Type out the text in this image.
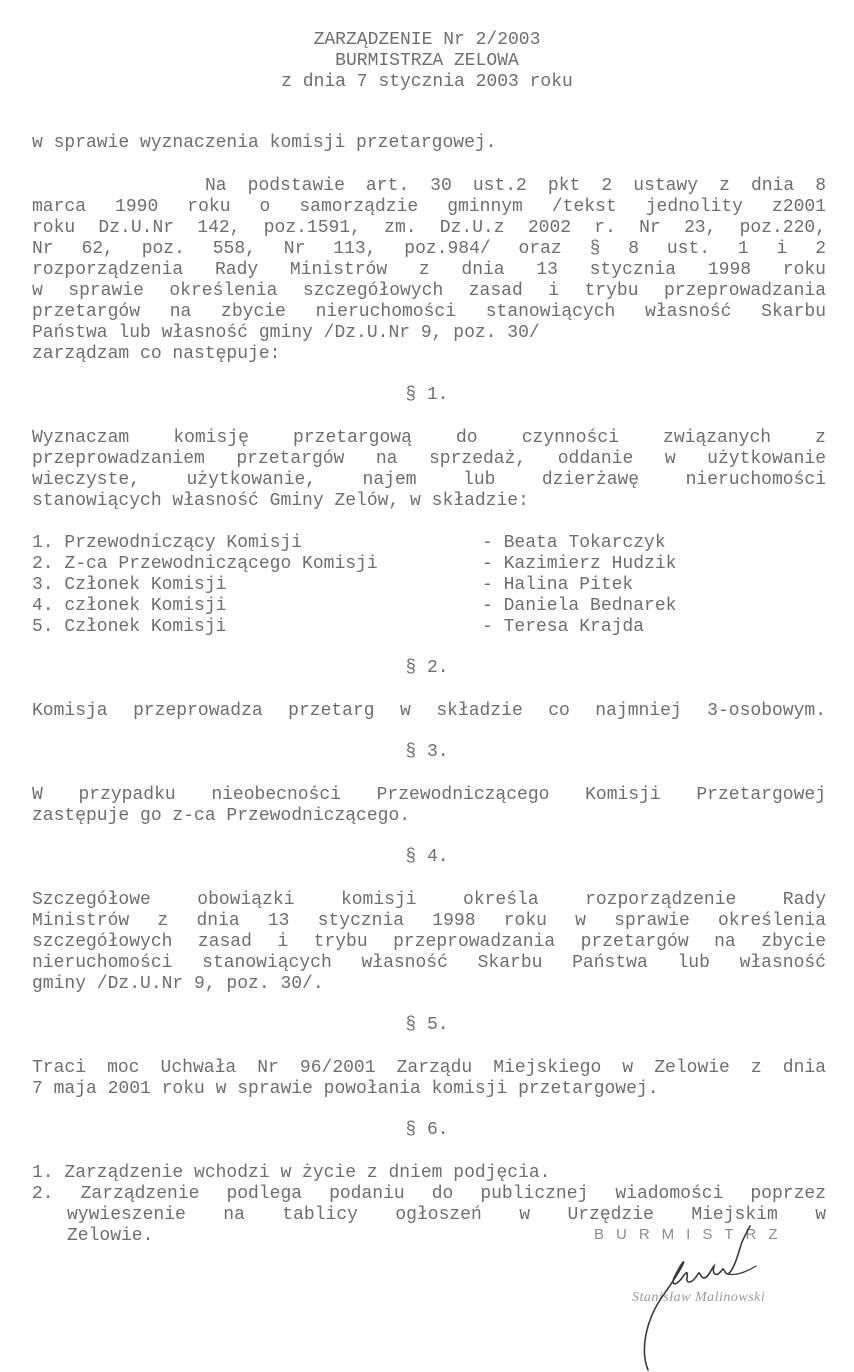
ZARZĄDZENIE Nr 2/2003

BURMISTRZA ZELOWA

z dnia 7 stycznia 2003 roku

w sprawie wyznaczenia komisji przetargowej.

Na podstawie art. 30 ust.2 pkt 2 ustawy z dnia 8

marca 1990 roku o samorządzie gminnym /tekst jednolity z2001

roku Dz.U.Nr 142, poz.1591, zm. Dz.U.z 2002 r. Nr 23, poz.220,

Nr 62, poz. 558, Nr 113, poz.984/ oraz § 8 ust. 1 i 2

rozporządzenia Rady Ministrów z dnia 13 stycznia 1998 roku

w sprawie określenia szczegółowych zasad i trybu przeprowadzania

przetargów na zbycie nieruchomości stanowiących własność Skarbu

Państwa lub własność gminy /Dz.U.Nr 9, poz. 30/

zarządzam co następuje:

§ 1.

Wyznaczam komisję przetargową do czynności związanych z

przeprowadzaniem przetargów na sprzedaż, oddanie w użytkowanie

wieczyste, użytkowanie, najem lub dzierżawę nieruchomości

stanowiących własność Gminy Zelów, w składzie:

1. Przewodniczący Komisji	- Beata Tokarczyk
2. Z-ca Przewodniczącego Komisji	- Kazimierz Hudzik
3. Członek Komisji	- Halina Pitek
4. członek Komisji	- Daniela Bednarek
5. Członek Komisji	- Teresa Krajda

§ 2.

Komisja przeprowadza przetarg w składzie co najmniej 3-osobowym.

§ 3.

W przypadku nieobecności Przewodniczącego Komisji Przetargowej

zastępuje go z-ca Przewodniczącego.

§ 4.

Szczegółowe obowiązki komisji określa rozporządzenie Rady

Ministrów z dnia 13 stycznia 1998 roku w sprawie określenia

szczegółowych zasad i trybu przeprowadzania przetargów na zbycie

nieruchomości stanowiących własność Skarbu Państwa lub własność

gminy /Dz.U.Nr 9, poz. 30/.

§ 5.

Traci moc Uchwała Nr 96/2001 Zarządu Miejskiego w Zelowie z dnia

7 maja 2001 roku w sprawie powołania komisji przetargowej.

§ 6.

1. Zarządzenie wchodzi w życie z dniem podjęcia.

2. Zarządzenie podlega podaniu do publicznej wiadomości poprzez

wywieszenie na tablicy ogłoszeń w Urzędzie Miejskim w

Zelowie.	BURMISTRZ
Stanisław Malinowski
